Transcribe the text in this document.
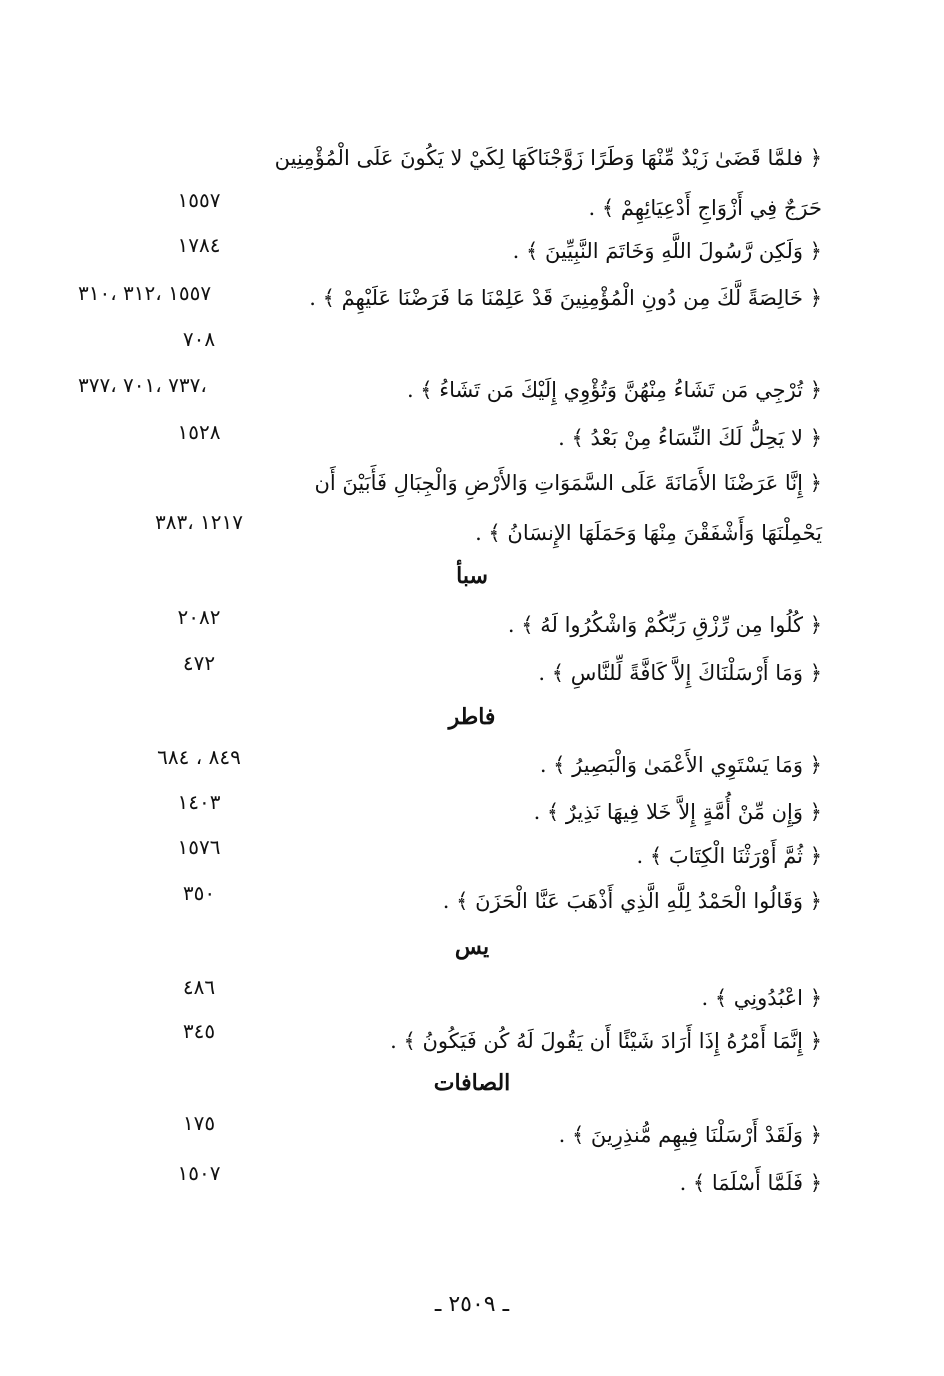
﴿ فلمَّا قَضَىٰ زَيْدٌ مِّنْهَا وَطَرًا زَوَّجْنَاكَهَا لِكَيْ لا يَكُونَ عَلَى الْمُؤْمِنِين
حَرَجٌ فِي أَزْوَاجِ أَدْعِيَائِهِمْ ﴾ .
١٥٥٧
﴿ وَلَكِن رَّسُولَ اللَّهِ وَخَاتَمَ النَّبِيِّينَ ﴾ .
١٧٨٤
﴿ خَالِصَةً لَّكَ مِن دُونِ الْمُؤْمِنِينَ قَدْ عَلِمْنَا مَا فَرَضْنَا عَلَيْهِمْ ﴾ .
١٥٥٧ ،٣١٢ ،٣١٠
٧٠٨
﴿ تُرْجِي مَن تَشَاءُ مِنْهُنَّ وَتُؤْوِي إِلَيْكَ مَن تَشَاءُ ﴾ .
،٧٣٧ ،٧٠١ ،٣٧٧
﴿ لا يَحِلُّ لَكَ النِّسَاءُ مِنْ بَعْدُ ﴾ .
١٥٢٨
﴿ إِنَّا عَرَضْنَا الأَمَانَةَ عَلَى السَّمَوَاتِ وَالأَرْضِ وَالْجِبَالِ فَأَبَيْنَ أَن
يَحْمِلْنَهَا وَأَشْفَقْنَ مِنْهَا وَحَمَلَهَا الإِنسَانُ ﴾ .
١٢١٧ ،٣٨٣
سبأ
﴿ كُلُوا مِن رِّزْقِ رَبِّكُمْ وَاشْكُرُوا لَهُ ﴾ .
٢٠٨٢
﴿ وَمَا أَرْسَلْنَاكَ إِلاَّ كَافَّةً لِّلنَّاسِ ﴾ .
٤٧٢
فاطر
﴿ وَمَا يَسْتَوِي الأَعْمَىٰ وَالْبَصِيرُ ﴾ .
٨٤٩ ، ٦٨٤
﴿ وَإِن مِّنْ أُمَّةٍ إِلاَّ خَلا فِيهَا نَذِيرٌ ﴾ .
١٤٠٣
﴿ ثُمَّ أَوْرَثْنَا الْكِتَابَ ﴾ .
١٥٧٦
﴿ وَقَالُوا الْحَمْدُ لِلَّهِ الَّذِي أَذْهَبَ عَنَّا الْحَزَنَ ﴾ .
٣٥٠
يس
﴿ اعْبُدُونِي ﴾ .
٤٨٦
﴿ إِنَّمَا أَمْرُهُ إِذَا أَرَادَ شَيْئًا أَن يَقُولَ لَهُ كُن فَيَكُونُ ﴾ .
٣٤٥
الصافات
﴿ وَلَقَدْ أَرْسَلْنَا فِيهِم مُّنذِرِينَ ﴾ .
١٧٥
﴿ فَلَمَّا أَسْلَمَا ﴾ .
١٥٠٧
ـ ٢٥٠٩ ـ
